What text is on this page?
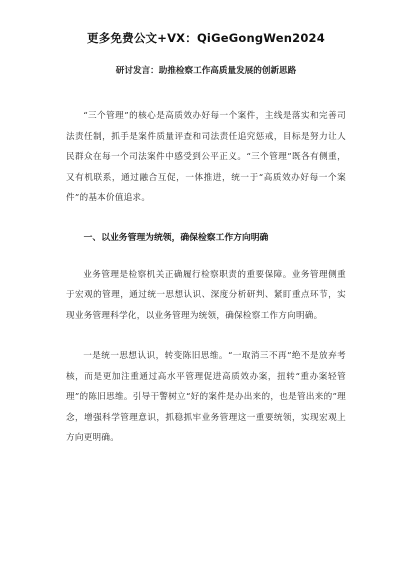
更多免费公文+VX：QiGeGongWen2024
研讨发言：助推检察工作高质量发展的创新思路

“三个管理”的核心是高质效办好每一个案件，主线是落实和完善司法责任制，抓手是案件质量评查和司法责任追究惩戒，目标是努力让人民群众在每一个司法案件中感受到公平正义。“三个管理”既各有侧重，又有机联系，通过融合互促，一体推进，统一于“高质效办好每一个案件”的基本价值追求。

一、以业务管理为统领，确保检察工作方向明确

业务管理是检察机关正确履行检察职责的重要保障。业务管理侧重于宏观的管理，通过统一思想认识、深度分析研判、紧盯重点环节，实现业务管理科学化，以业务管理为统领，确保检察工作方向明确。

一是统一思想认识，转变陈旧思维。“一取消三不再”绝不是放弃考核，而是更加注重通过高水平管理促进高质效办案，扭转“重办案轻管理”的陈旧思维。引导干警树立“好的案件是办出来的，也是管出来的”理念，增强科学管理意识，抓稳抓牢业务管理这一重要统领，实现宏观上方向更明确。
